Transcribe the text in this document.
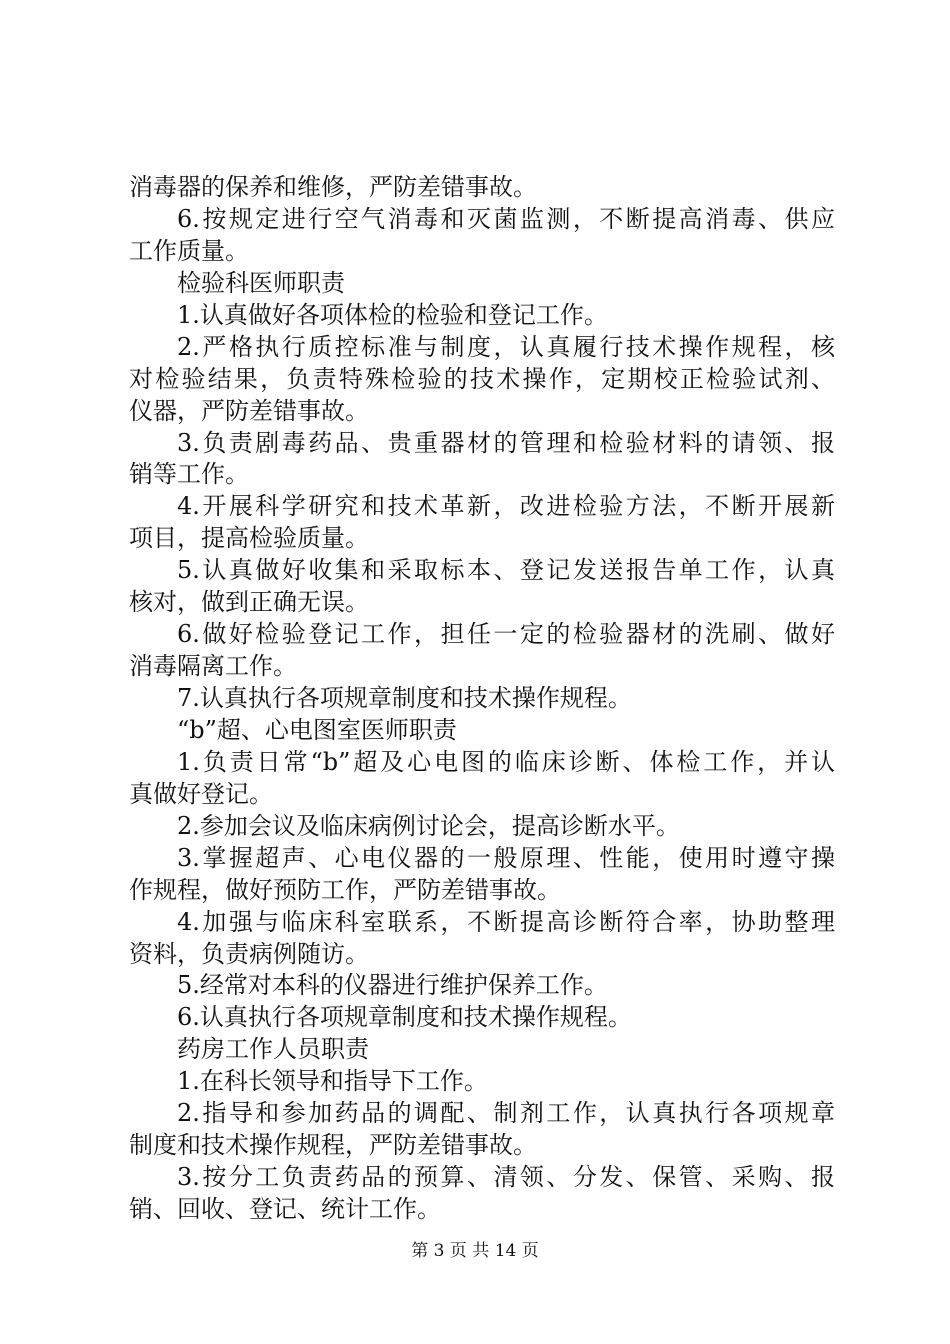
消毒器的保养和维修，严防差错事故。
6.按规定进行空气消毒和灭菌监测，不断提高消毒、供应
工作质量。
检验科医师职责
1.认真做好各项体检的检验和登记工作。
2.严格执行质控标准与制度，认真履行技术操作规程，核
对检验结果，负责特殊检验的技术操作，定期校正检验试剂、
仪器，严防差错事故。
3.负责剧毒药品、贵重器材的管理和检验材料的请领、报
销等工作。
4.开展科学研究和技术革新，改进检验方法，不断开展新
项目，提高检验质量。
5.认真做好收集和采取标本、登记发送报告单工作，认真
核对，做到正确无误。
6.做好检验登记工作，担任一定的检验器材的洗刷、做好
消毒隔离工作。
7.认真执行各项规章制度和技术操作规程。
“b”超、心电图室医师职责
1.负责日常“b”超及心电图的临床诊断、体检工作，并认
真做好登记。
2.参加会议及临床病例讨论会，提高诊断水平。
3.掌握超声、心电仪器的一般原理、性能，使用时遵守操
作规程，做好预防工作，严防差错事故。
4.加强与临床科室联系，不断提高诊断符合率，协助整理
资料，负责病例随访。
5.经常对本科的仪器进行维护保养工作。
6.认真执行各项规章制度和技术操作规程。
药房工作人员职责
1.在科长领导和指导下工作。
2.指导和参加药品的调配、制剂工作，认真执行各项规章
制度和技术操作规程，严防差错事故。
3.按分工负责药品的预算、清领、分发、保管、采购、报
销、回收、登记、统计工作。
第 3 页 共 14 页
